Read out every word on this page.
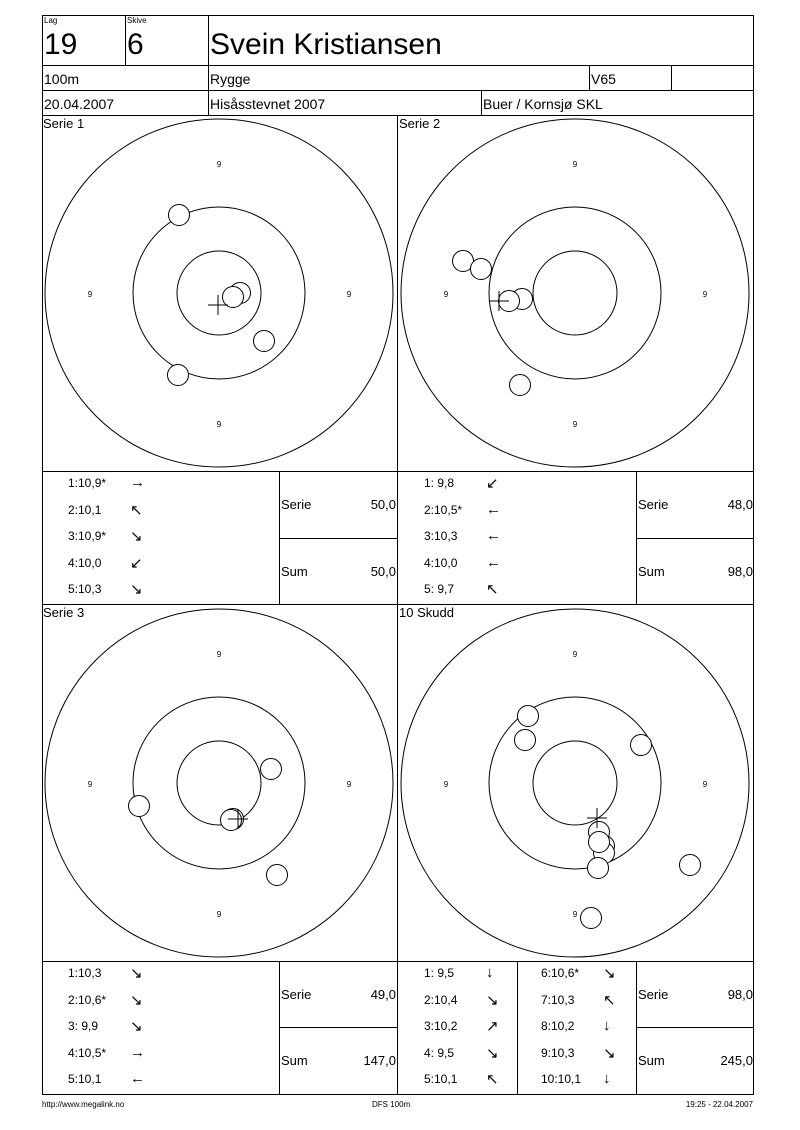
Lag
19
Skive
6 Svein Kristiansen
100m	Rygge	V65
20.04.2007	Hisåsstevnet 2007	Buer / Kornsjø SKL
Serie 1	Serie 2
Serie 3	10 Skudd
9
9
9	9
9
9
9	9
9
9
9	9
9
9
9	9
1:10,9* →
2:10,1 ↖
3:10,9* ↘
4:10,0 ↙
5:10,3 ↘
1: 9,8 ↙
2:10,5* ←
3:10,3 ←
4:10,0 ←
5: 9,7 ↖
1:10,3 ↘
2:10,6* ↘
3: 9,9 ↘
4:10,5* →
5:10,1 ←
1: 9,5 ↓
2:10,4 ↘
3:10,2 ↗
4: 9,5 ↘
5:10,1 ↖
6:10,6* ↘
7:10,3 ↖
8:10,2 ↓
9:10,3 ↘
10:10,1 ↓
Serie	50,0
Sum	50,0
Serie	48,0
Sum	98,0
Serie	49,0
Sum	147,0
Serie	98,0
Sum	245,0
http://www.megalink.no	DFS 100m	19:25 - 22.04.2007
